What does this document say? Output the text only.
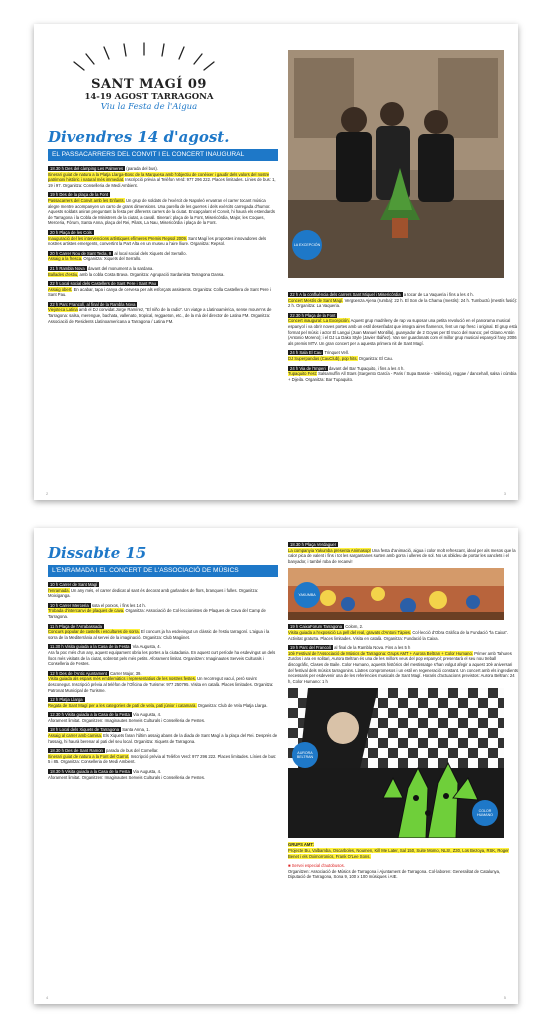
SANT MAGÍ 09
14-19 AGOST TARRAGONA
Viu la Festa de l'Aigua
Divendres 14 d'agost.
EL PASSACARRERS DEL CONVIT I EL CONCERT INAUGURAL

18.30 h Des del càmping Les Palmeres (parada del bus).

Itinerari guiat de natura a la Platja Llarga-Bosc de la Marquesa amb l'objectiu de conèixer i gaudir dels valors del nostre patrimoni històric i natural més immediat. Inscripció prèvia al Telèfon Verd: 977 296 222. Places limitades. Línies de bus: 1, 19 i 97. Organitza: Conselleria de Medi Ambient.

19 h Des de la plaça de la Font

Passacarrers del Convit amb les Enfants. Un grup de soldats de l'exèrcit de Napoleó envaïran el carrer tocant música alegre mentre acompanyen un carro de grans dimensions. Una parella de les guerres i dels exèrcits carregada d'humor. Aquests soldats aniran preguntant la festa per diferents carrers de la ciutat. Encapçalant el Convit, hi haurà els estendards de Tarragona i la Cobla de Ministrers de la ciutat, a cavall. Itinerari: plaça de la Font, Misericòrdia, Major, les Coques, Merceria, Fòrum, Santa Anna, plaça del Rei, Pilats, La Nau, Misericòrdia i plaça de la Font.

20 h Plaça de les Cols

Inauguració del les intervencions artístiques efímeres Premis Repsol 2009. Sant Magí les propostes innovadores dels nostres artistes emergents, convertint la Part Alta en un museu a l'aire lliure. Organitza: Repsol.

20 h Carrer Nou de Sant Tecla, 9 al local social dels Xiquets del Serrallo.

Assaig a la fresca. Organitza: Xiquets del Serrallo.

21 h Rambla Nova davant del monument a la sardana.

Ballades d'estiu, amb la cobla Costa Brava. Organitza: Agrupació Sardanista Tarragona Dansa.

22 h Local social dels Castellers de Sant Pere i Sant Pau

Assaig obert. En acabar, tapa i canya de cervesa per als esforçats assistents. Organitza: Colla Castellera de Sant Pere i Sant Pau.

22 h Parc Francolí, al final de la Rambla Nova

Viejoteca Latina amb el DJ convidat Jorge Ramírez, "El niño de la radio". Un viatge a Llatinoamèrica, sense moure'ns de Tarragona: salsa, merengue, bachata, vallenato, tropical, reggaeton, etc., de la mà del director de Latina FM. Organitza: Associació de Residents Llatinoamericana a Tarragona / Latina FM.

LA EXCEPCIÓN

22 h A la confluència dels carrers Sant Miquel i Misericòrdia a tocar de La Vaqueria i fins a les 4 h.

Concert Mestís de Sant Magí. Vergüenza Ajena (rumba): 22 h. El Son de la Chama (mestís): 24 h. Tumbuctú (mestís fusió): 2 h. Organitza: La Vaqueria.

22.30 h Plaça de la Font

Concert inaugural: La Excepción. Aquest grup madrileny de rap va suposar una petita revolució en el panorama musical espanyol i va obrir noves portes amb un estil desenfadat que integra aires flamencs, fent un rap fresc i original. El grup està format pel músic i actor El Langui (Juan Manuel Montilla), guanyador de 2 Goyas per El truco del manco; pel Gitano Antón (Antonio Moreno); i el DJ La Dako Style (Javier Ibáñez). Van ser guardonats com el millor grup musical espanyol l'any 2006 als premis MTV. Un gran concert per a aquesta primera nit de Sant Magí.

24 h Sala El Cau Trinquet Vell.

DJ Superpandas (CauClub), pop hits. Organitza: El Cau.

24 h Via de l'Imperi davant del Bar Tupaquito, i fins a les 4 h.

Tupaquito Fest: Salsamuffin All Stars (Sargento García - Paris / Supa Bassie - València), reggae / dancehall, salsa i cúmbia + Dijeila. Organitza: Bar Tupaquito.

2	3
Dissabte 15
L'ENRAMADA I EL CONCERT DE L'ASSOCIACIÓ DE MÚSICS

10 h Carrer de Sant Magí

l'enramada. Un any més, el carrer dedicat al sant és decorat amb garlandes de flors, branques i fulles. Organitza: Moixiganga.

10 h Carrer Merceria sota el porxos, i fins les 14 h.

Trobada d'intercanvi de plaques de cava. Organitza: Associació de Col·leccionistes de Plaques de Cava del Camp de Tarragona.

11 h Plaça de l'Arrabassada

Concurs popular de castells i escultures de sorra. El concurs ja ha esdevingut un clàssic de l'estiu tarragoní. L'aigua i la sorra de la Mediterrània al servei de la imaginació. Organitza: Club Magiinet.

11.30 h Visita guiada a la Casa de la Festa Via Augusta, 4.

Ara fa poc més d'un any, aquest equipament obria les portes a la ciutadania. En aquest curt període ha esdevingut un dels llocs més visitats de la ciutat, sobretot pels més petits. Aforament limitat. Organitzen: Imaginautes Serveis Culturals i Conselleria de Festes.

12 h Des de l'Antic Ajuntament Carrer Major, 39.

Visita guiada als espais més emblemàtics i representatius de les nostres festes. Un recorregut vacuí, però sovint desconegut. Inscripció prèvia al telèfon de l'Oficina de Turisme: 977 250795. Visita en català. Places limitades. Organitza: Patronat Municipal de Turisme.

12 h Platja Llarga

Regata de Sant Magí per a les categories de patí de vela, patí júnior i catamarà. Organitza: Club de Vela Platja Llarga.

12.30 h Visita guiada a la Casa de la Festa Via Augusta, 4.

Aforament limitat. Organitzen: Imaginautes Serveis Culturals i Conselleria de Festes.

18 h Local dels Xiquets de Tarragona Santa Anna, 1.

Assaig al carrer amb camisa. Els Xiquets faran l'últim assaig abans de la diada de Sant Magí a la plaça del Rei. Després de l'assaig, hi haurà berenar al pati del seu local. Organitza: Xiquets de Tarragona.

18.30 h Des de Sant Ramon parada de bus del Comellar.

Itinerari guiat de natura a la Font del Garrot. Inscripció prèvia al Telèfon Verd: 977 296 222. Places limitades. Línies de bus: 5 i 85. Organitza: Conselleria de Medi Ambient.

18.30 h Visita guiada a la Casa de la Festa Via Augusta, 4.

Aforament limitat. Organitzen: Imaginautes Serveis Culturals i Conselleria de Festes.

18.30 h Plaça Verdaguer

La companyia Yakumba presenta Animasop! Una festa d'animació, aigua i color molt refrescant, ideal per als mesos que la calor pica de valent i fins i tot les sargantanes surten amb gorra i ulleres de sol. No us oblideu de portar les xanclets i el banyador, i també roba de recanvi!

YAKUMBA

19 h CaixaForum Tarragona Colom, 2.

Visita guiada a l'exposició La pell del real, gravats d'Antoni Tàpies. Col·lecció d'Obra Gràfica de la Fundació "la Caixa". Activitat gratuïta. Places limitades. Visita en català. Organitza: Fundació la Caixa.

19 h Parc del Francolí al final de la Rambla Nova. Fins a les 5 h

10è Festival de l'Associació de Músics de Tarragona: Grups AMT + Aurora Beltran + Color Humano. Primer amb Tahures Zurdos i ara en solitari, Aurora Beltran és una de les millors veus del pop espanyol; presentarà el seu nou treball discogràfic, Clases de Baile. Color Humano, aquests històrics del mestissatge s'han volgut afegir a aquest 10è aniversari del festival dels músics tarragonins. Llatres compromesos i un estil en regeneració constant. Un concert amb els ingredients necessaris per esdevenir una de les referències musicals de Sant Magí. Horaris d'actuacions previstos: Aurora Beltran: 24 h, Color Humano: 1 h

AURORA BELTRAN
COLOR HUMANO

GRUPS AMT:

Projecte Bu, Valbamba, Oscarboles, Noumen, Kill Me Later, Sal 150, Suite Momo, NLS!, Z30, Los Bezoya, RSK, Roger Benet i els Oximorronics, Frank O'Lee Sons.

■ Servei especial d'autobusos.

Organitzen: Associació de Músics de Tarragona i Ajuntament de Tarragona. Col·laboren: Generalitat de Catalunya, Diputació de Tarragona, Sona 9, 100 x 100 músiques i AIE.

4	5
